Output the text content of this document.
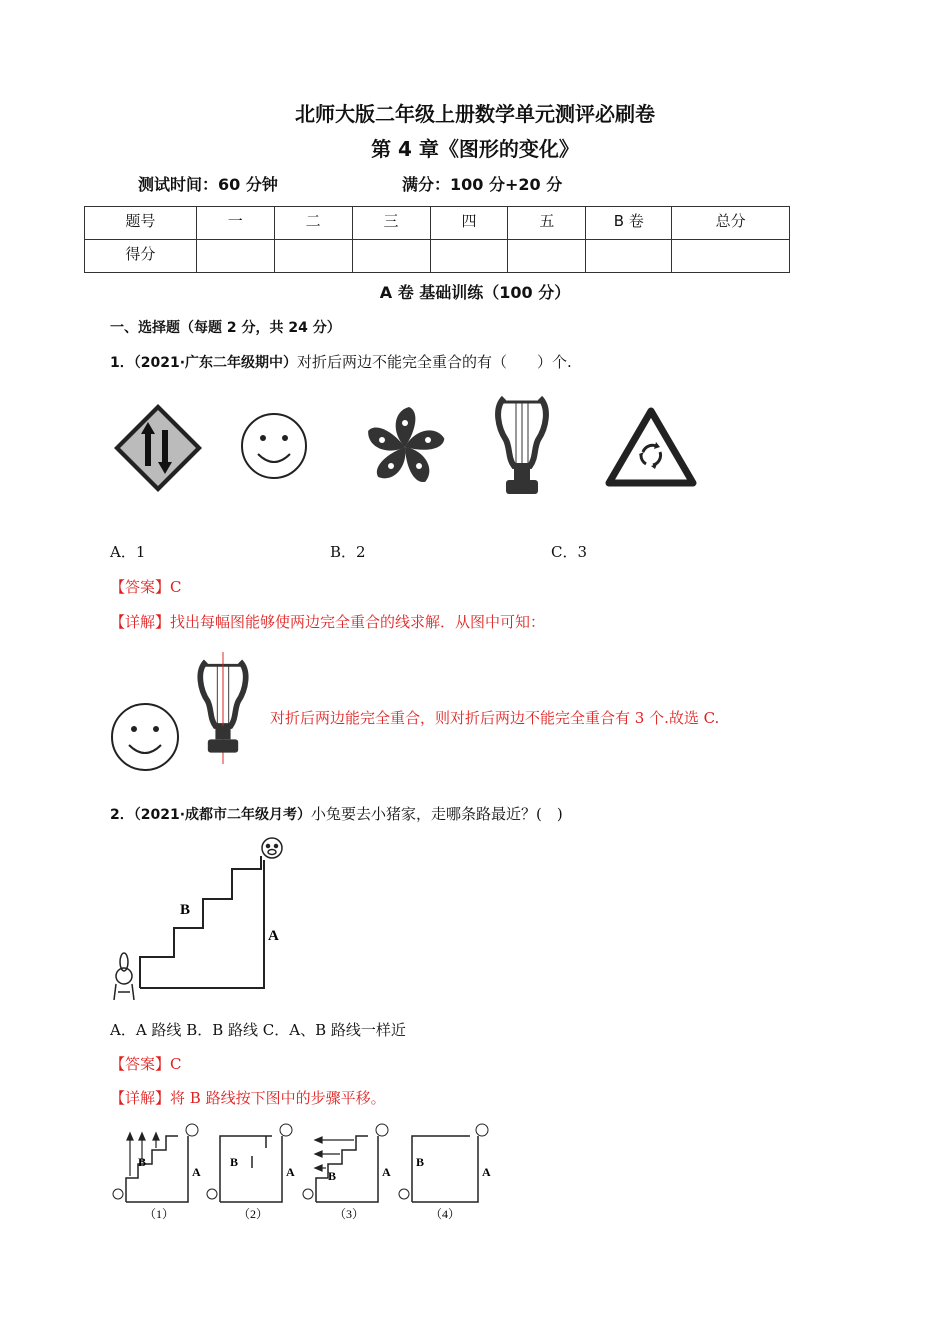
北师大版二年级上册数学单元测评必刷卷
第 4 章《图形的变化》
测试时间：60 分钟	满分：100 分+20 分
题号	一	二	三	四	五	B 卷	总分
得分							
A 卷 基础训练（100 分）
一、选择题（每题 2 分，共 24 分）
1．（2021·广东二年级期中）对折后两边不能完全重合的有（　　）个.
A．1	B．2	C．3
【答案】C
【详解】找出每幅图能够使两边完全重合的线求解．从图中可知：
对折后两边能完全重合，则对折后两边不能完全重合有 3 个.故选 C.
2．（2021·成都市二年级月考）小兔要去小猪家，走哪条路最近？(　)
B
A
A．A 路线 B．B 路线 C．A、B 路线一样近
【答案】C
【详解】将 B 路线按下图中的步骤平移。
B
A
（1）
B
A
（2）
B	A
（3）
B
A
（4）
